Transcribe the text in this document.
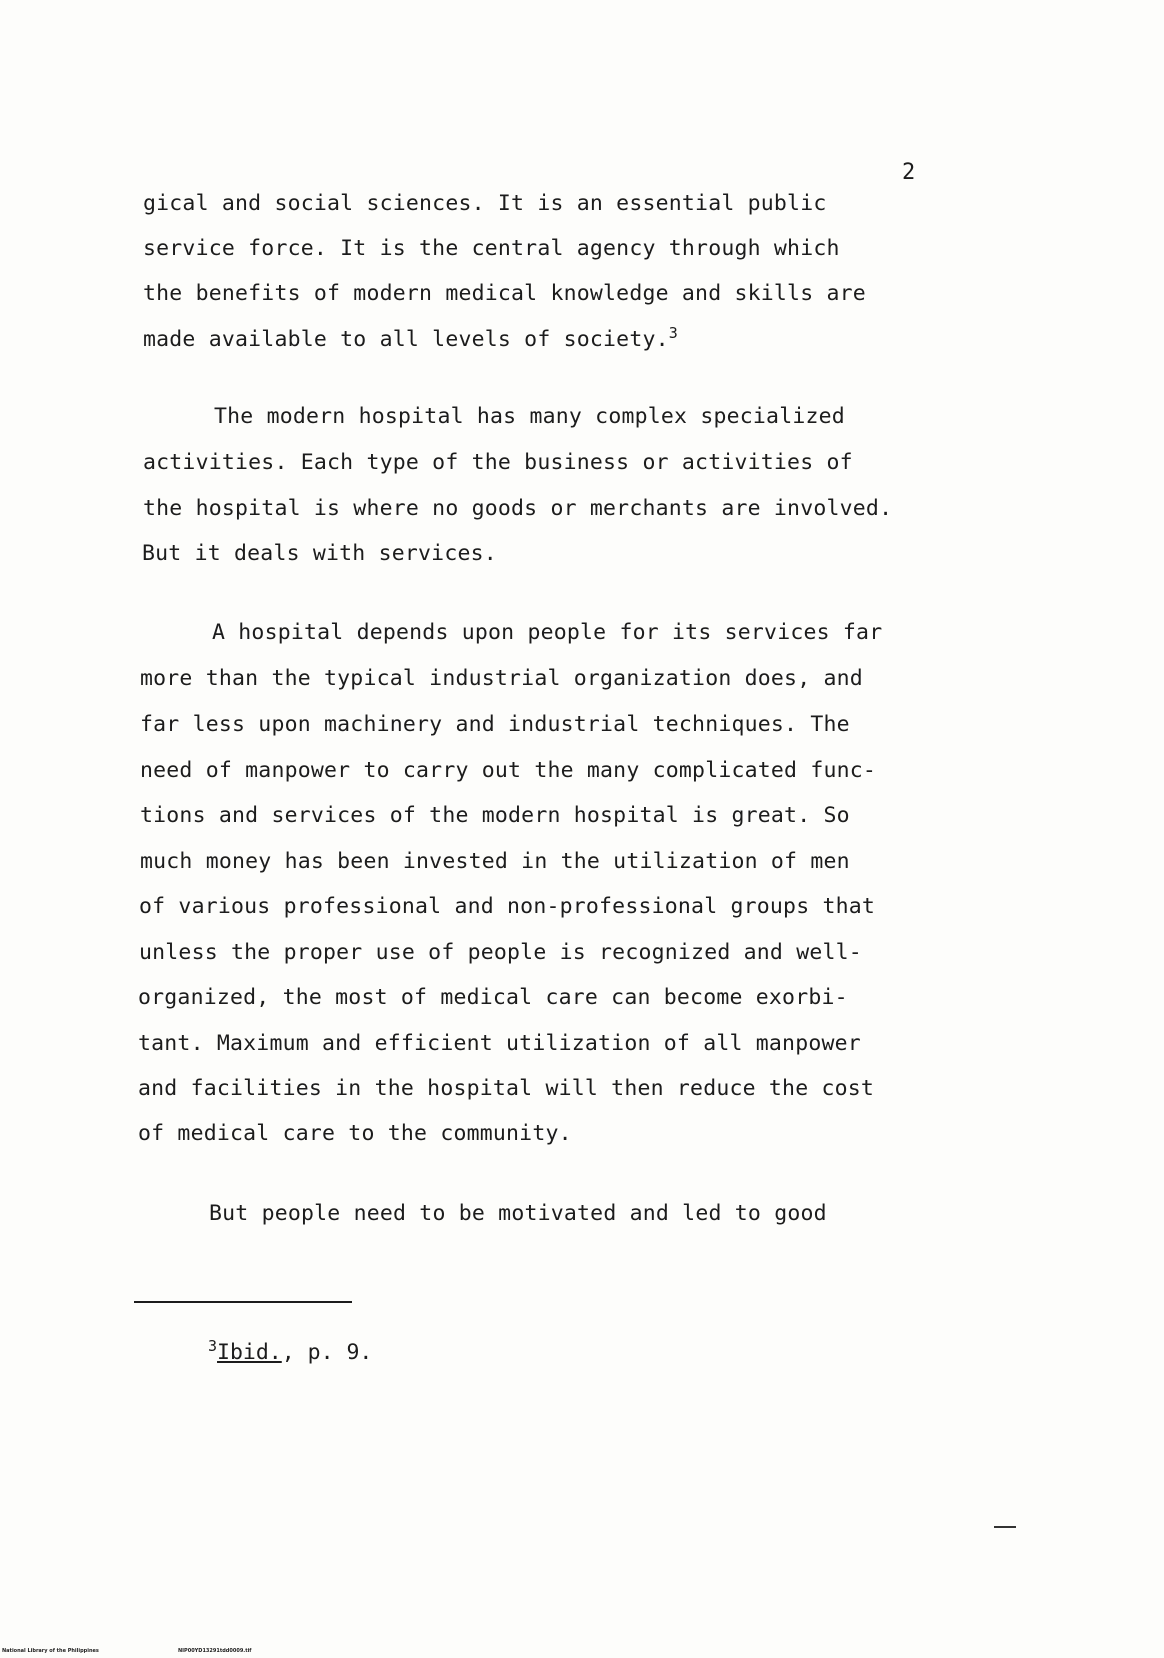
2
gical and social sciences. It is an essential public
service force. It is the central agency through which
the benefits of modern medical knowledge and skills are
made available to all levels of society.$^3$
The modern hospital has many complex specialized
activities. Each type of the business or activities of
the hospital is where no goods or merchants are involved.
But it deals with services.
A hospital depends upon people for its services far
more than the typical industrial organization does, and
far less upon machinery and industrial techniques. The
need of manpower to carry out the many complicated func-
tions and services of the modern hospital is great. So
much money has been invested in the utilization of men
of various professional and non-professional groups that
unless the proper use of people is recognized and well-
organized, the most of medical care can become exorbi-
tant. Maximum and efficient utilization of all manpower
and facilities in the hospital will then reduce the cost
of medical care to the community.
But people need to be motivated and led to good
$^3$Ibid., p. 9.
National Library of the Philippines	NIP00YD13291tdd0009.tif
